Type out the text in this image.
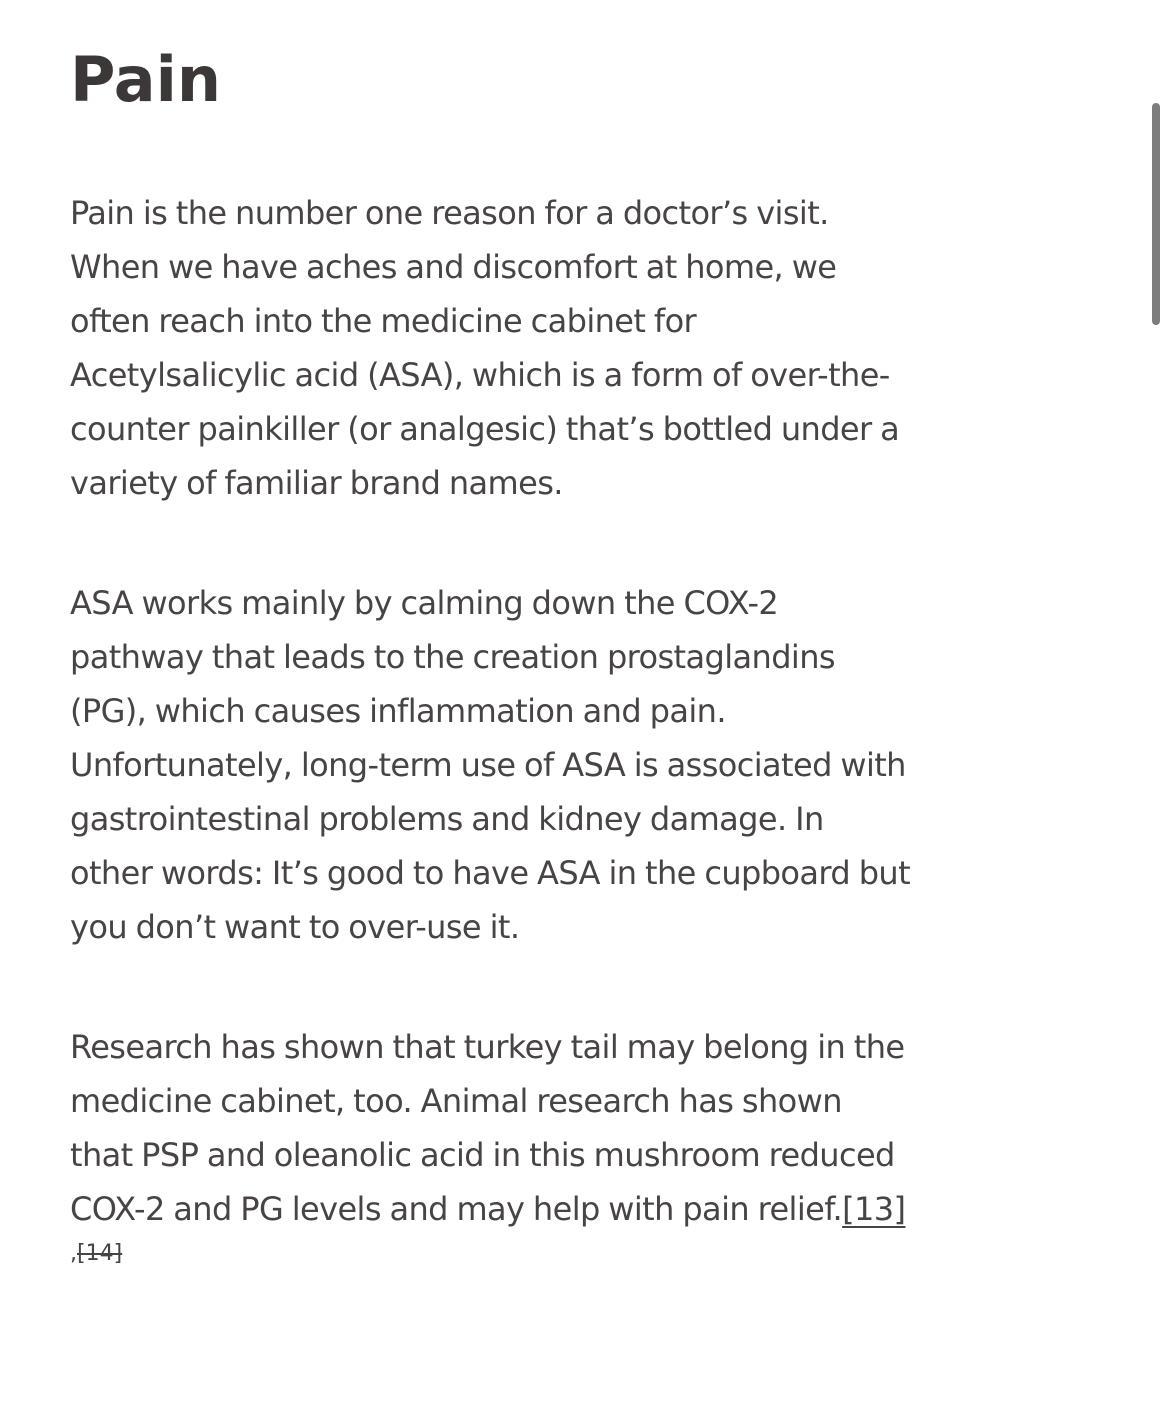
Pain

Pain is the number one reason for a doctor’s visit.
When we have aches and discomfort at home, we
often reach into the medicine cabinet for
Acetylsalicylic acid (ASA), which is a form of over-the-
counter painkiller (or analgesic) that’s bottled under a
variety of familiar brand names.

ASA works mainly by calming down the COX-2
pathway that leads to the creation prostaglandins
(PG), which causes inflammation and pain.
Unfortunately, long-term use of ASA is associated with
gastrointestinal problems and kidney damage. In
other words: It’s good to have ASA in the cupboard but
you don’t want to over-use it.

Research has shown that turkey tail may belong in the
medicine cabinet, too. Animal research has shown
that PSP and oleanolic acid in this mushroom reduced
COX-2 and PG levels and may help with pain relief.[13]

,[14]
